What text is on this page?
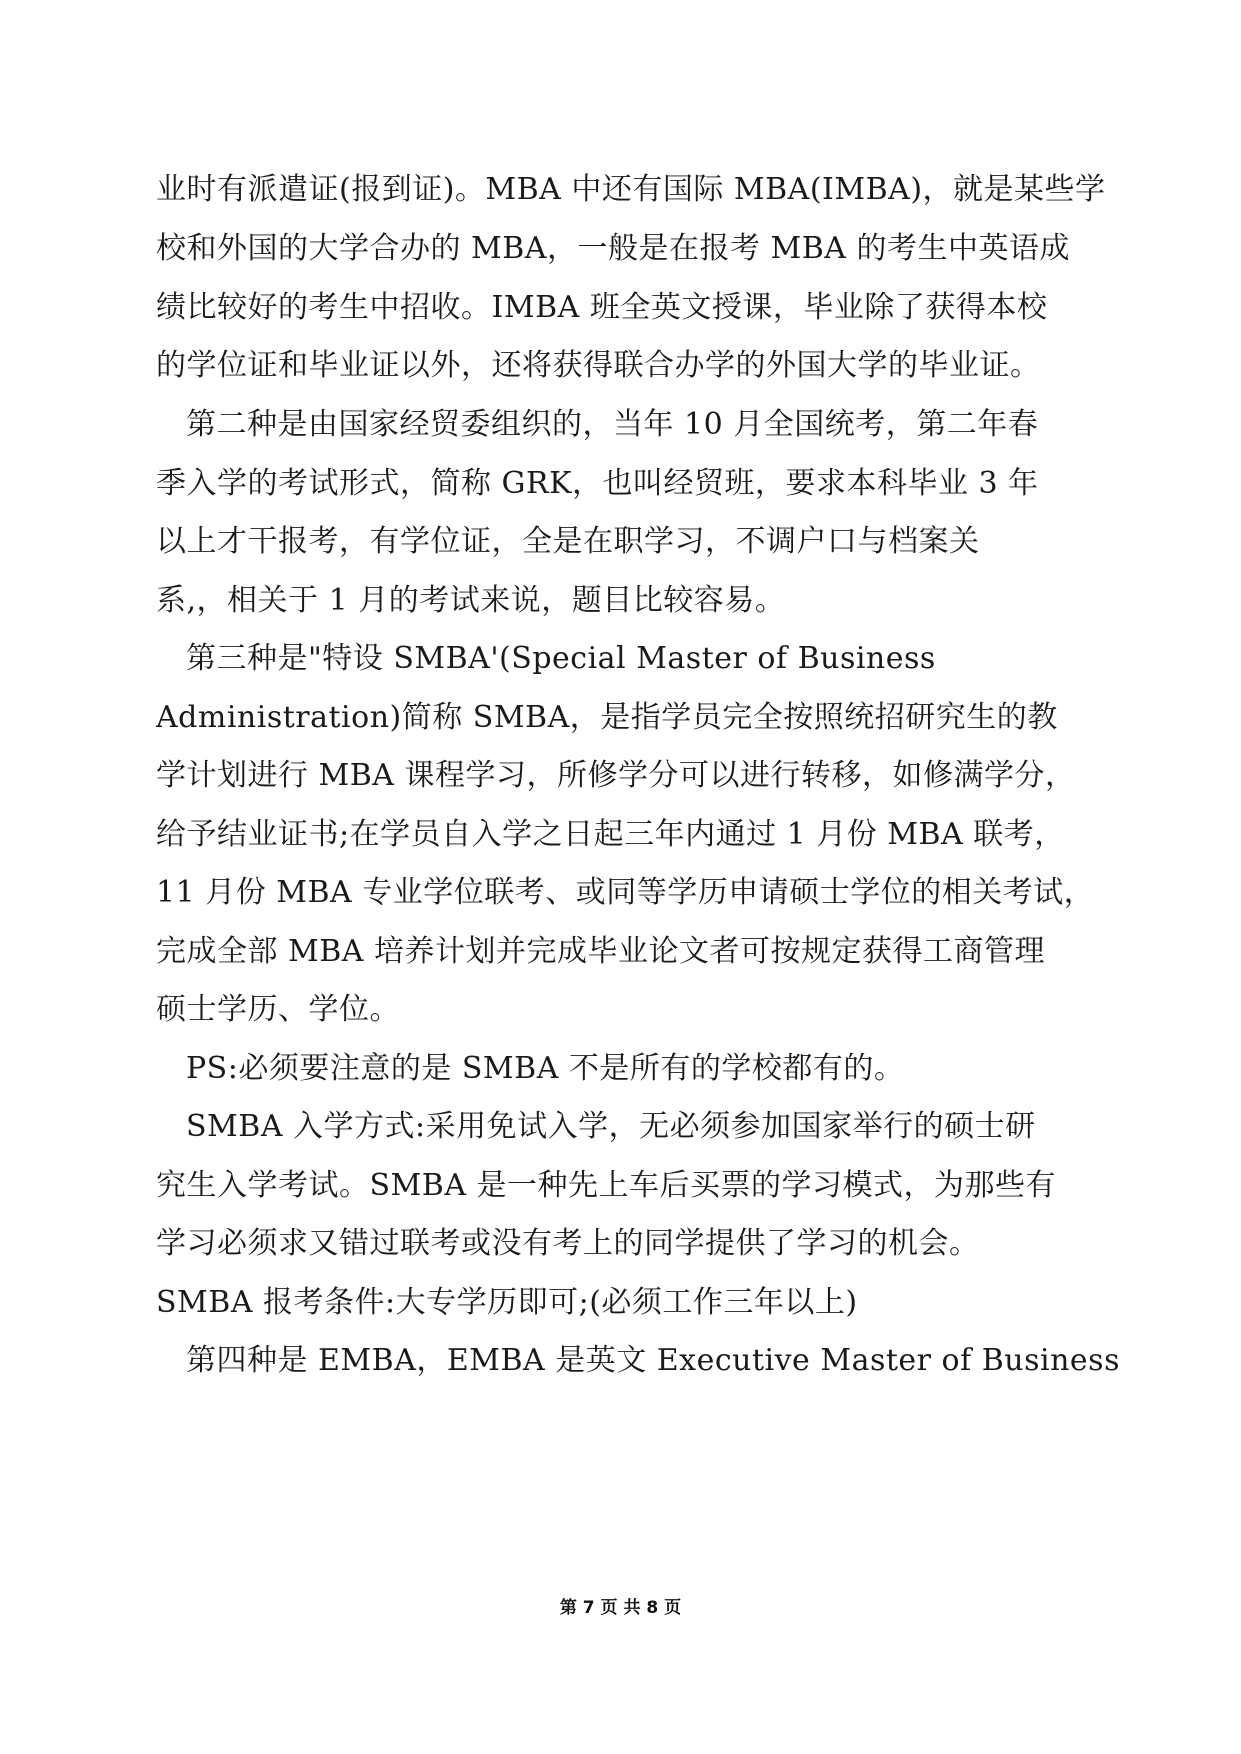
业时有派遣证(报到证)。MBA 中还有国际 MBA(IMBA)，就是某些学
校和外国的大学合办的 MBA，一般是在报考 MBA 的考生中英语成
绩比较好的考生中招收。IMBA 班全英文授课，毕业除了获得本校
的学位证和毕业证以外，还将获得联合办学的外国大学的毕业证。
第二种是由国家经贸委组织的，当年 10 月全国统考，第二年春
季入学的考试形式，简称 GRK，也叫经贸班，要求本科毕业 3 年
以上才干报考，有学位证，全是在职学习，不调户口与档案关
系,，相关于 1 月的考试来说，题目比较容易。
第三种是"特设 SMBA'(Special Master of Business
Administration)简称 SMBA，是指学员完全按照统招研究生的教
学计划进行 MBA 课程学习，所修学分可以进行转移，如修满学分，
给予结业证书;在学员自入学之日起三年内通过 1 月份 MBA 联考，
11 月份 MBA 专业学位联考、或同等学历申请硕士学位的相关考试，
完成全部 MBA 培养计划并完成毕业论文者可按规定获得工商管理
硕士学历、学位。
PS:必须要注意的是 SMBA 不是所有的学校都有的。
SMBA 入学方式:采用免试入学，无必须参加国家举行的硕士研
究生入学考试。SMBA 是一种先上车后买票的学习模式，为那些有
学习必须求又错过联考或没有考上的同学提供了学习的机会。
SMBA 报考条件:大专学历即可;(必须工作三年以上)
第四种是 EMBA，EMBA 是英文 Executive Master of Business
第 7 页 共 8 页
